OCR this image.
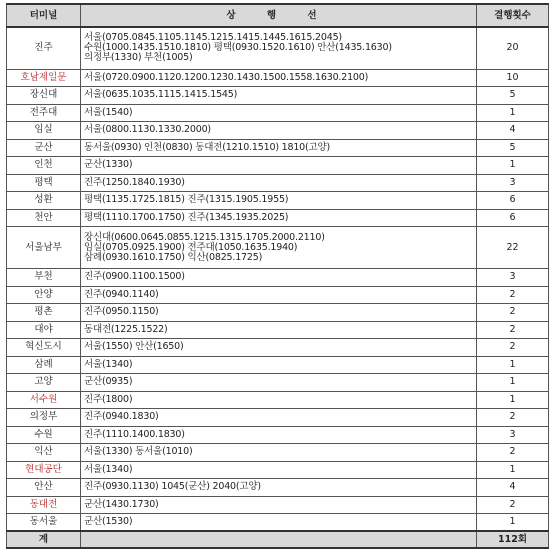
터미널	상 행 선	결행횟수
진주	서울(0705.0845.1105.1145.1215.1415.1445.1615.2045)
수원(1000.1435.1510.1810) 평택(0930.1520.1610) 안산(1435.1630)
의정부(1330) 부천(1005)	20
호남제일문	서울(0720.0900.1120.1200.1230.1430.1500.1558.1630.2100)	10
장신대	서울(0635.1035.1115.1415.1545)	5
전주대	서울(1540)	1
임실	서울(0800.1130.1330.2000)	4
군산	동서울(0930) 인천(0830) 동대전(1210.1510) 1810(고양)	5
인천	군산(1330)	1
평택	진주(1250.1840.1930)	3
성환	평택(1135.1725.1815) 진주(1315.1905.1955)	6
천안	평택(1110.1700.1750) 진주(1345.1935.2025)	6
서울남부	장신대(0600.0645.0855.1215.1315.1705.2000.2110)
임실(0705.0925.1900) 전주대(1050.1635.1940)
삼례(0930.1610.1750) 익산(0825.1725)	22
부천	진주(0900.1100.1500)	3
안양	진주(0940.1140)	2
평촌	진주(0950.1150)	2
대야	동대전(1225.1522)	2
혁신도시	서울(1550) 안산(1650)	2
삼례	서울(1340)	1
고양	군산(0935)	1
서수원	진주(1800)	1
의정부	진주(0940.1830)	2
수원	진주(1110.1400.1830)	3
익산	서울(1330) 동서울(1010)	2
현대공단	서울(1340)	1
안산	진주(0930.1130) 1045(군산) 2040(고양)	4
동대전	군산(1430.1730)	2
동서울	군산(1530)	1
계		112회
